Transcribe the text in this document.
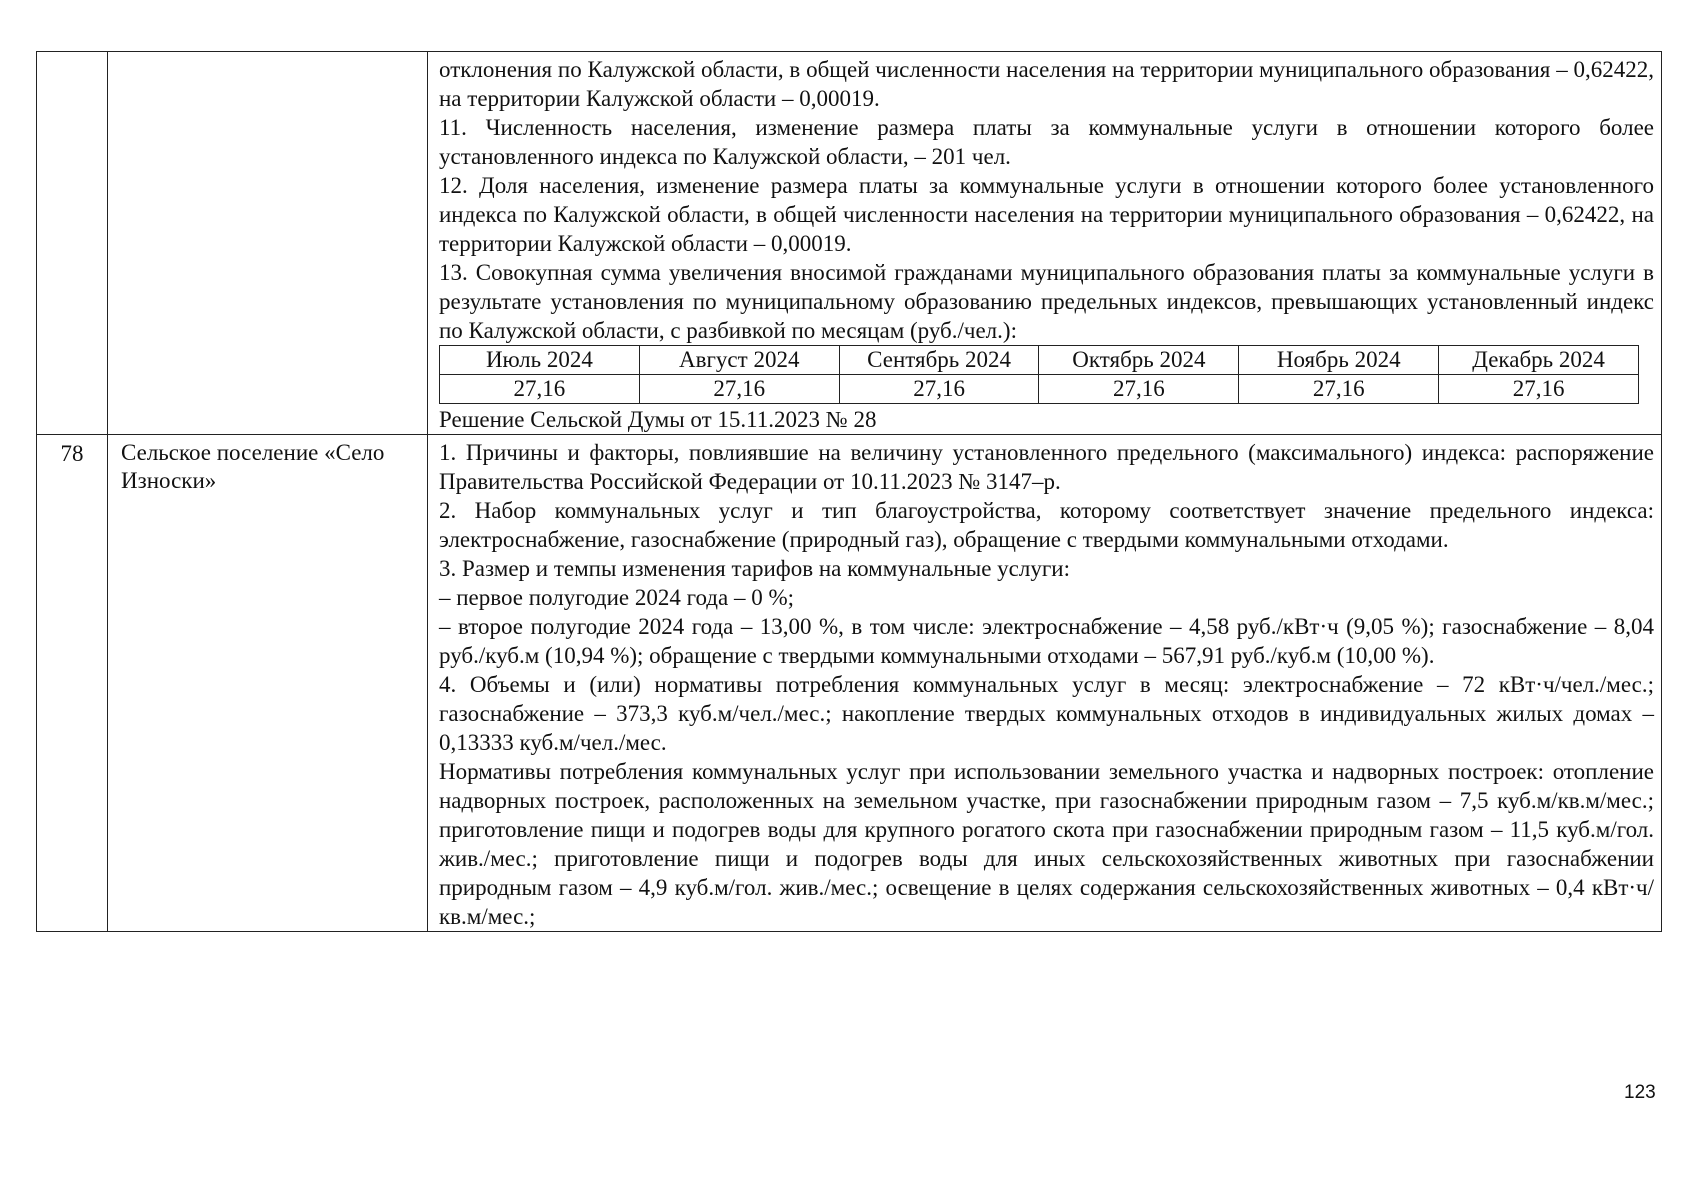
отклонения по Калужской области, в общей численности населения на территории муниципального образования – 0,62422, на территории Калужской области – 0,00019.

11. Численность населения, изменение размера платы за коммунальные услуги в отношении которого более установленного индекса по Калужской области, – 201 чел.

12. Доля населения, изменение размера платы за коммунальные услуги в отношении которого более установленного индекса по Калужской области, в общей численности населения на территории муниципального образования – 0,62422, на территории Калужской области – 0,00019.

13. Совокупная сумма увеличения вносимой гражданами муниципального образования платы за коммунальные услуги в результате установления по муниципальному образованию предельных индексов, превышающих установленный индекс по Калужской области, с разбивкой по месяцам (руб./чел.):

Июль 2024	Август 2024	Сентябрь 2024	Октябрь 2024	Ноябрь 2024	Декабрь 2024
27,16	27,16	27,16	27,16	27,16	27,16

Решение Сельской Думы от 15.11.2023 № 28

78	Сельское поселение «Село Износки»	

1. Причины и факторы, повлиявшие на величину установленного предельного (максимального) индекса: распоряжение Правительства Российской Федерации от 10.11.2023 № 3147–р.

2. Набор коммунальных услуг и тип благоустройства, которому соответствует значение предельного индекса: электроснабжение, газоснабжение (природный газ), обращение с твердыми коммунальными отходами.

3. Размер и темпы изменения тарифов на коммунальные услуги:

– первое полугодие 2024 года – 0 %;

– второе полугодие 2024 года – 13,00 %, в том числе: электроснабжение – 4,58 руб./кВт·ч (9,05 %); газоснабжение – 8,04 руб./куб.м (10,94 %); обращение с твердыми коммунальными отходами – 567,91 руб./куб.м (10,00 %).

4. Объемы и (или) нормативы потребления коммунальных услуг в месяц: электроснабжение – 72 кВт·ч/чел./мес.; газоснабжение – 373,3 куб.м/чел./мес.; накопление твердых коммунальных отходов в индивидуальных жилых домах – 0,13333 куб.м/чел./мес.

Нормативы потребления коммунальных услуг при использовании земельного участка и надворных построек: отопление надворных построек, расположенных на земельном участке, при газоснабжении природным газом – 7,5 куб.м/кв.м/мес.; приготовление пищи и подогрев воды для крупного рогатого скота при газоснабжении природным газом – 11,5 куб.м/гол. жив./мес.; приготовление пищи и подогрев воды для иных сельскохозяйственных животных при газоснабжении природным газом – 4,9 куб.м/гол. жив./мес.; освещение в целях содержания сельскохозяйственных животных – 0,4 кВт·ч/кв.м/мес.;

123
